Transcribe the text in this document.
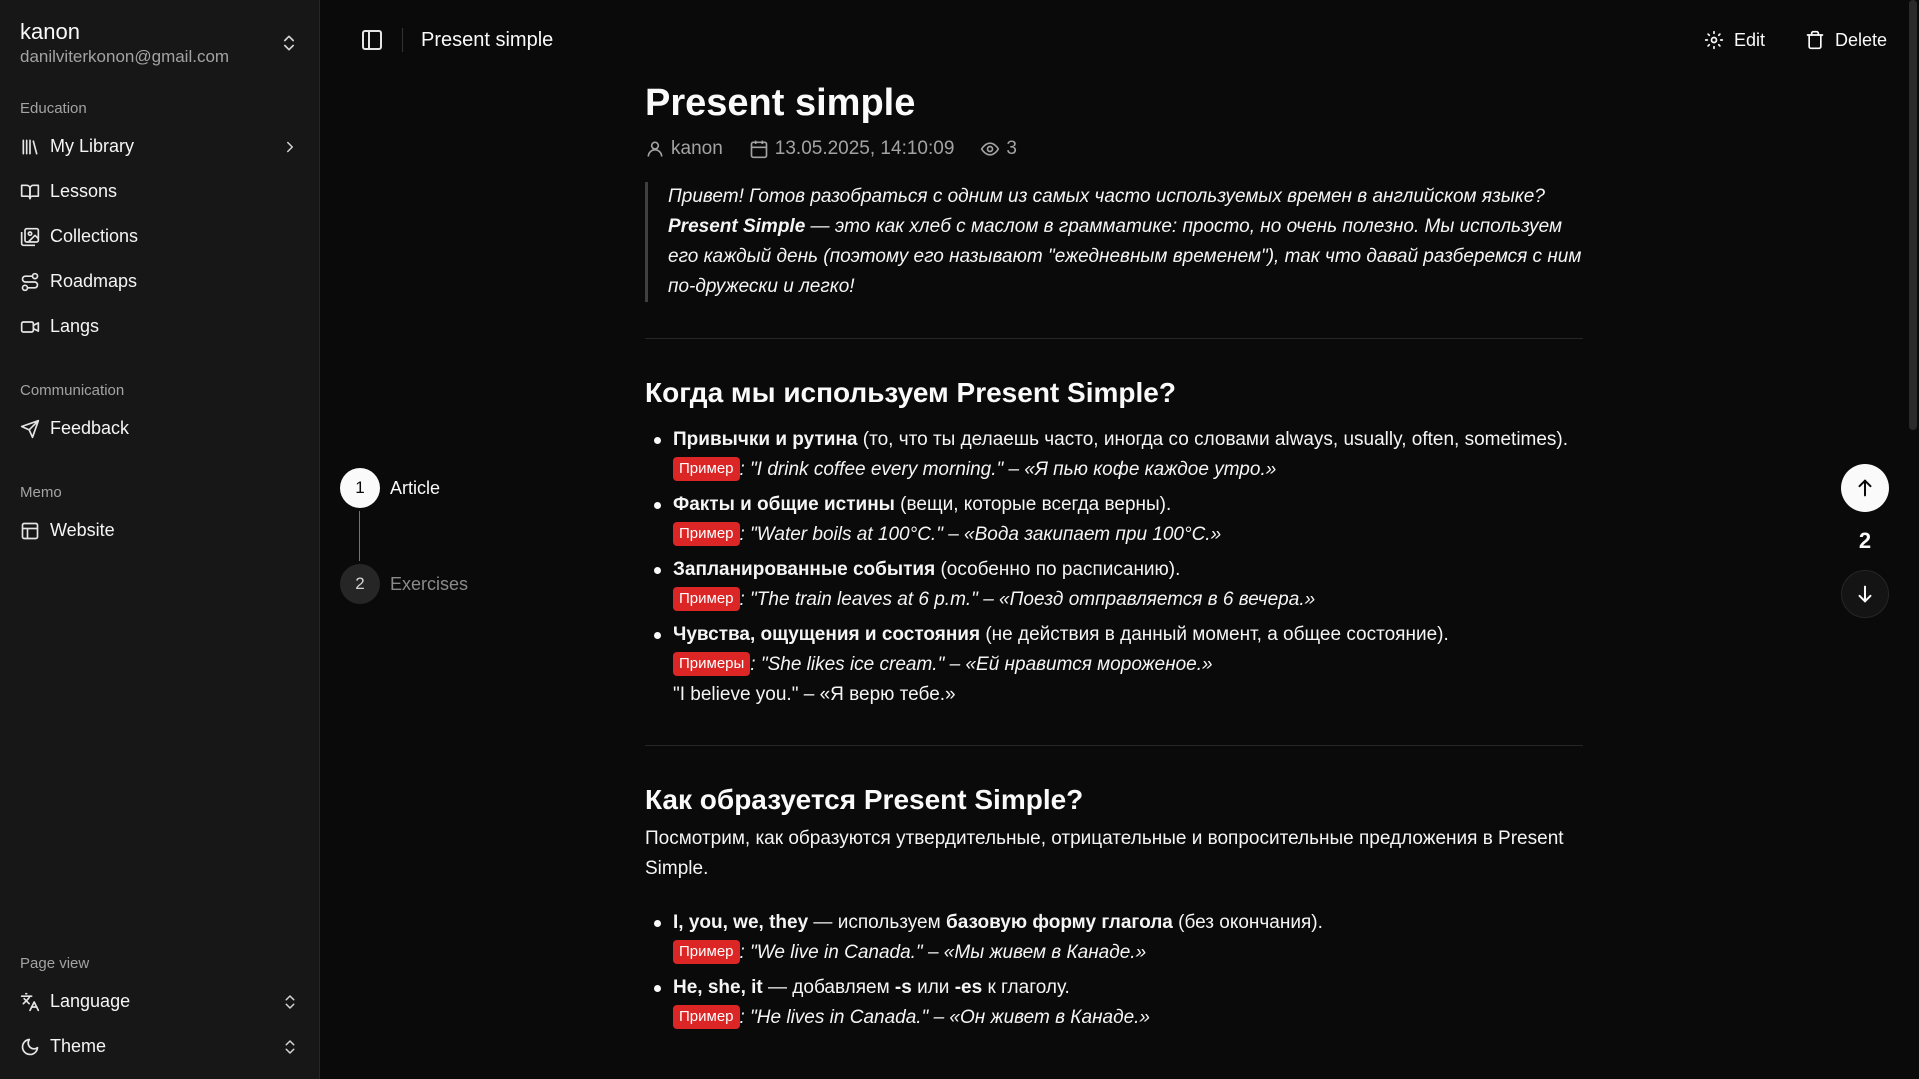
kanon
danilviterkonon@gmail.com
Education
My Library
Lessons
Collections
Roadmaps
Langs
Communication
Feedback
Memo
Website
Page view
Language
Theme
Present simple	Edit	Delete
1	Article
2	Exercises
Present simple
kanon	13.05.2025, 14:10:09	3
Привет! Готов разобраться с одним из самых часто используемых времен в английском языке? Present Simple — это как хлеб с маслом в грамматике: просто, но очень полезно. Мы используем его каждый день (поэтому его называют "ежедневным временем"), так что давай разберемся с ним по-дружески и легко!
Когда мы используем Present Simple?
Привычки и рутина (то, что ты делаешь часто, иногда со словами always, usually, often, sometimes).
Пример : "I drink coffee every morning." – «Я пью кофе каждое утро.»
Факты и общие истины (вещи, которые всегда верны).
Пример : "Water boils at 100°C." – «Вода закипает при 100°C.»
Запланированные события (особенно по расписанию).
Пример : "The train leaves at 6 p.m." – «Поезд отправляется в 6 вечера.»
Чувства, ощущения и состояния (не действия в данный момент, а общее состояние).
Примеры : "She likes ice cream." – «Ей нравится мороженое.»
"I believe you." – «Я верю тебе.»
Как образуется Present Simple?

Посмотрим, как образуются утвердительные, отрицательные и вопросительные предложения в Present Simple.

I, you, we, they — используем базовую форму глагола (без окончания).
Пример : "We live in Canada." – «Мы живем в Канаде.»
He, she, it — добавляем -s или -es к глаголу.
Пример : "He lives in Canada." – «Он живет в Канаде.»
2
